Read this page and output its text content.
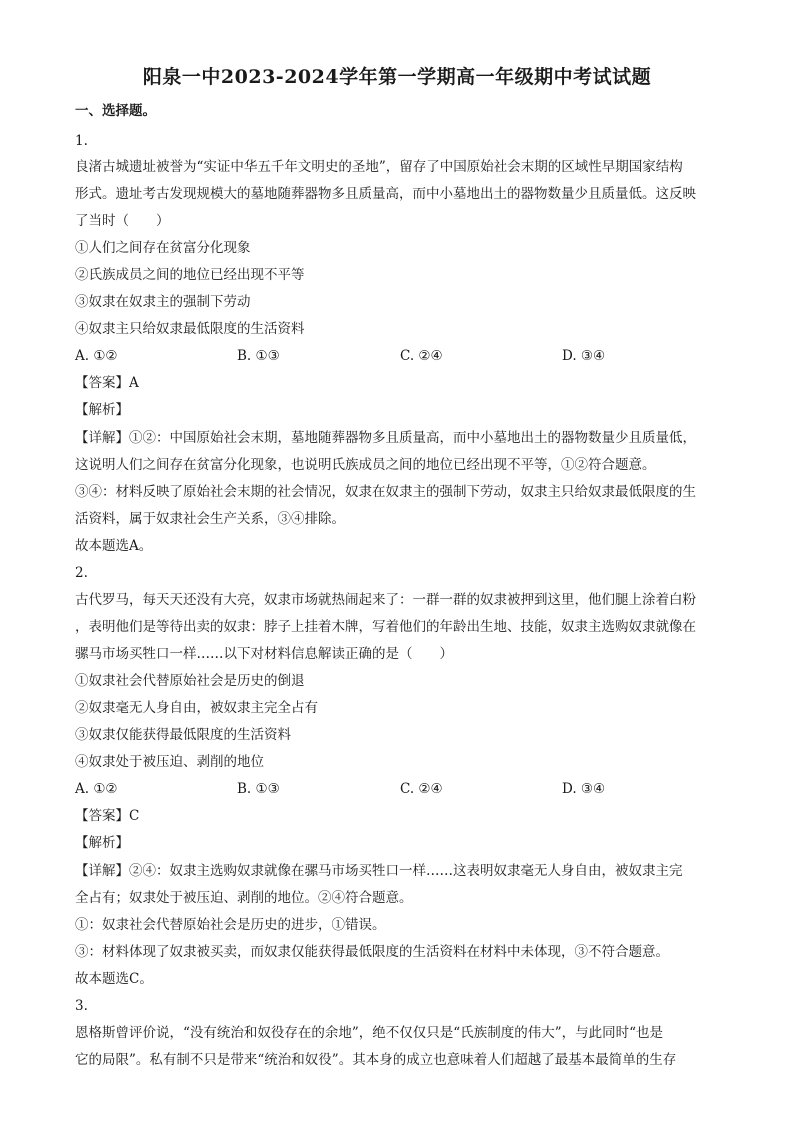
阳泉一中2023-2024学年第一学期高一年级期中考试试题
一、选择题。
1.
良渚古城遗址被誉为“实证中华五千年文明史的圣地”，留存了中国原始社会末期的区域性早期国家结构
形式。遗址考古发现规模大的墓地随葬器物多且质量高，而中小墓地出土的器物数量少且质量低。这反映
了当时（　　）
①人们之间存在贫富分化现象
②氏族成员之间的地位已经出现不平等
③奴隶在奴隶主的强制下劳动
④奴隶主只给奴隶最低限度的生活资料
A. ①②	B. ①③	C. ②④	D. ③④
【答案】A
【解析】
【详解】①②：中国原始社会末期，墓地随葬器物多且质量高，而中小墓地出土的器物数量少且质量低，
这说明人们之间存在贫富分化现象，也说明氏族成员之间的地位已经出现不平等，①②符合题意。
③④：材料反映了原始社会末期的社会情况，奴隶在奴隶主的强制下劳动，奴隶主只给奴隶最低限度的生
活资料，属于奴隶社会生产关系，③④排除。
故本题选A。
2.
古代罗马，每天天还没有大亮，奴隶市场就热闹起来了：一群一群的奴隶被押到这里，他们腿上涂着白粉
，表明他们是等待出卖的奴隶：脖子上挂着木牌，写着他们的年龄出生地、技能，奴隶主选购奴隶就像在
骡马市场买牲口一样……以下对材料信息解读正确的是（　　）
①奴隶社会代替原始社会是历史的倒退
②奴隶毫无人身自由，被奴隶主完全占有
③奴隶仅能获得最低限度的生活资料
④奴隶处于被压迫、剥削的地位
A. ①②	B. ①③	C. ②④	D. ③④
【答案】C
【解析】
【详解】②④：奴隶主选购奴隶就像在骡马市场买牲口一样……这表明奴隶毫无人身自由，被奴隶主完
全占有；奴隶处于被压迫、剥削的地位。②④符合题意。
①：奴隶社会代替原始社会是历史的进步，①错误。
③：材料体现了奴隶被买卖，而奴隶仅能获得最低限度的生活资料在材料中未体现，③不符合题意。
故本题选C。
3.
恩格斯曾评价说，“没有统治和奴役存在的余地”，绝不仅仅只是“氏族制度的伟大”，与此同时“也是
它的局限”。私有制不只是带来“统治和奴役”。其本身的成立也意味着人们超越了最基本最简单的生存
